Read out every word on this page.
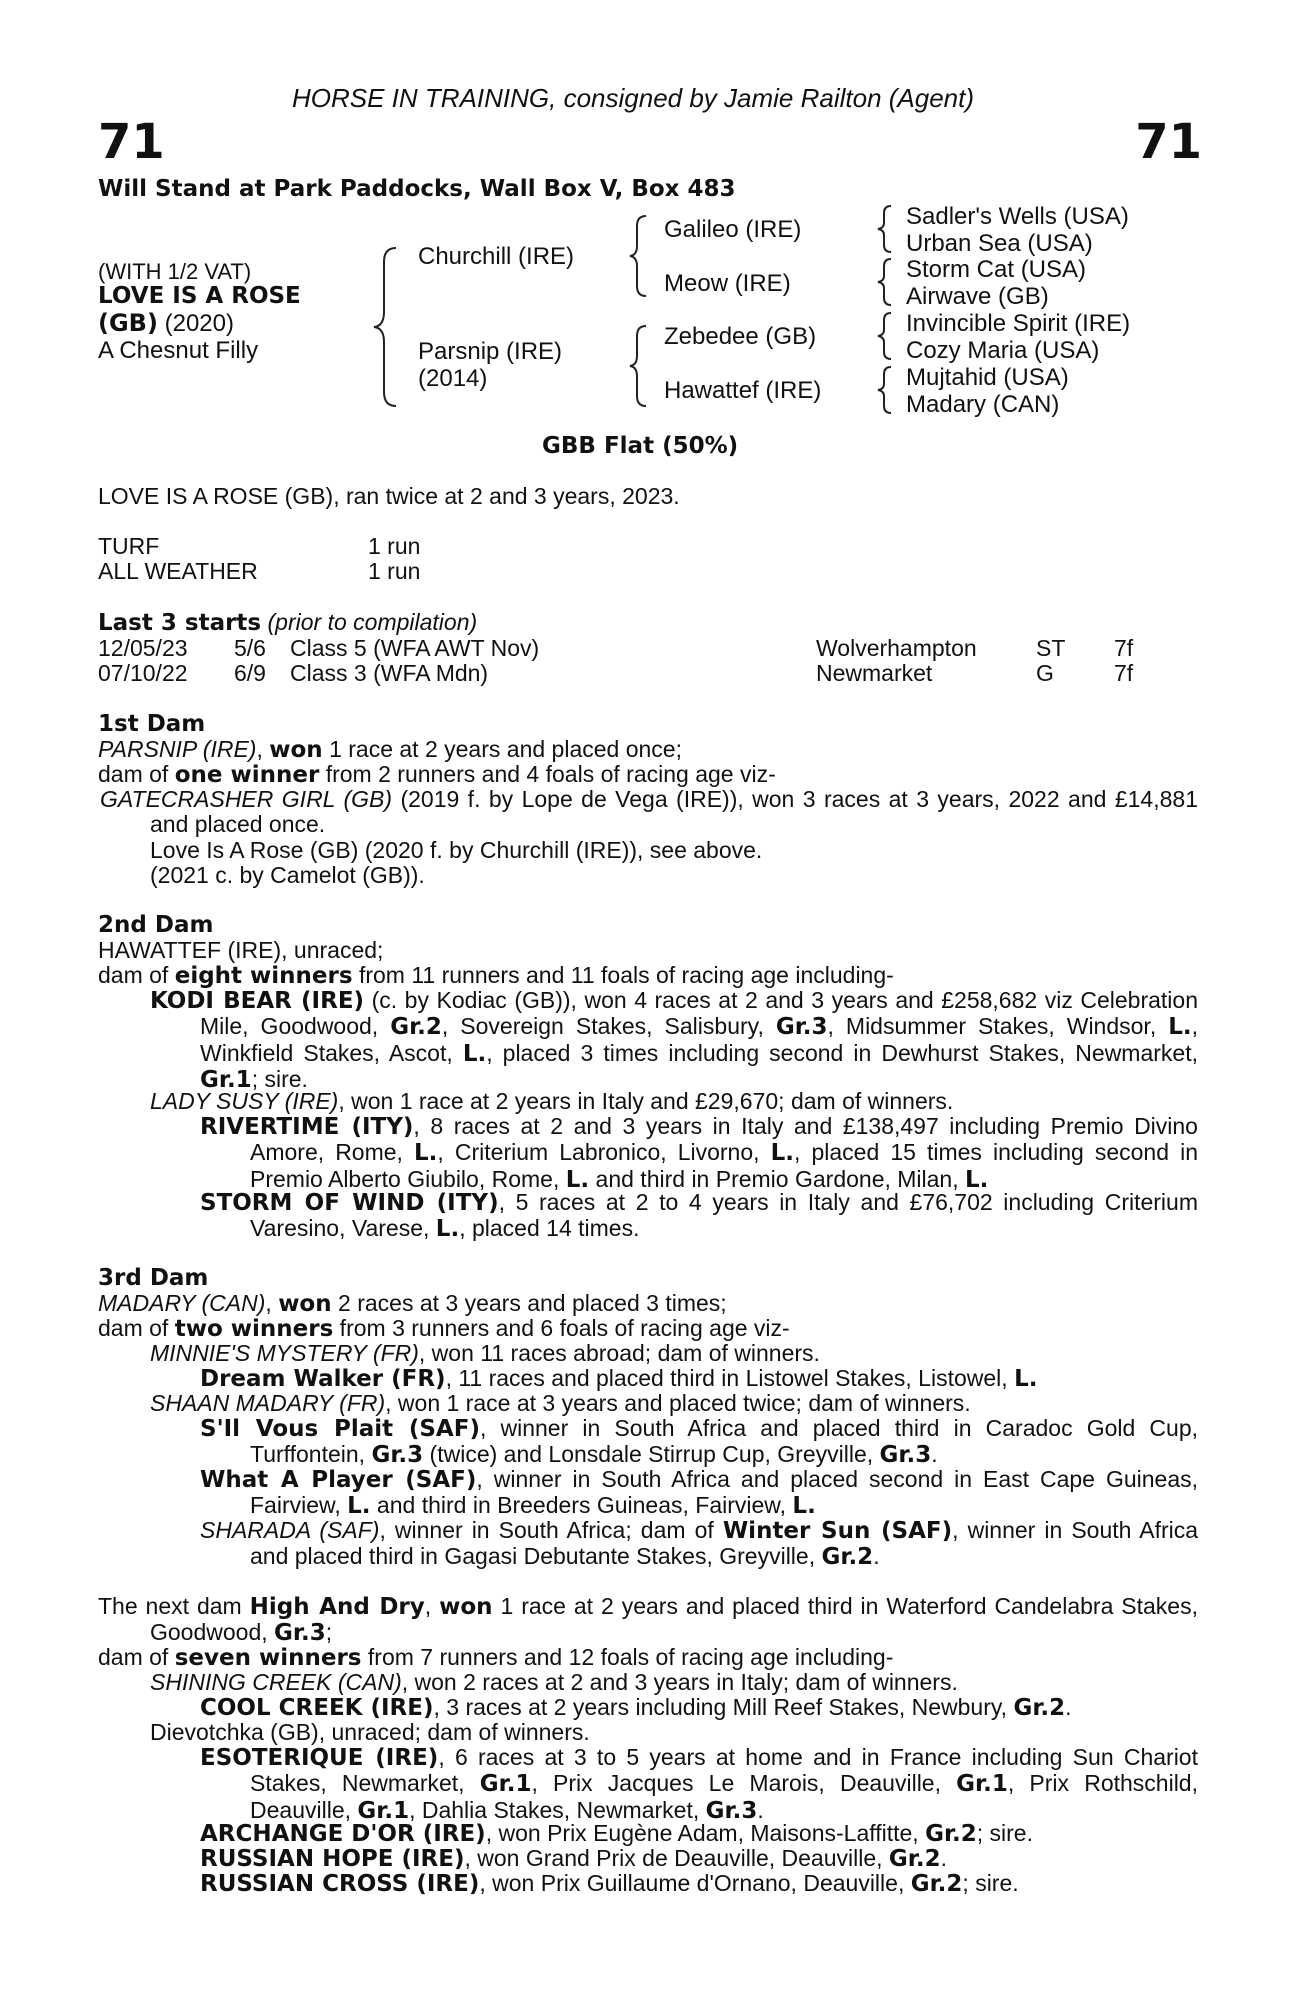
HORSE IN TRAINING, consigned by Jamie Railton (Agent)
71	71
Will Stand at Park Paddocks, Wall Box V, Box 483
(WITH 1/2 VAT)
LOVE IS A ROSE
(GB) (2020)
A Chesnut Filly
Churchill (IRE)
Parsnip (IRE)
(2014)
Galileo (IRE)
Meow (IRE)
Zebedee (GB)
Hawattef (IRE)
Sadler's Wells (USA)
Urban Sea (USA)
Storm Cat (USA)
Airwave (GB)
Invincible Spirit (IRE)
Cozy Maria (USA)
Mujtahid (USA)
Madary (CAN)
GBB Flat (50%)
LOVE IS A ROSE (GB), ran twice at 2 and 3 years, 2023.
TURF	1 run
ALL WEATHER	1 run
Last 3 starts (prior to compilation)
12/05/23 5/6 Class 5 (WFA AWT Nov)	Wolverhampton	ST 7f
07/10/22 6/9 Class 3 (WFA Mdn)	Newmarket	G	7f
1st Dam
PARSNIP (IRE), won 1 race at 2 years and placed once;
dam of one winner from 2 runners and 4 foals of racing age viz-
GATECRASHER GIRL (GB) (2019 f. by Lope de Vega (IRE)), won 3 races at 3 years, 2022 and £14,881 and placed once.
Love Is A Rose (GB) (2020 f. by Churchill (IRE)), see above.
(2021 c. by Camelot (GB)).
2nd Dam
HAWATTEF (IRE), unraced;
dam of eight winners from 11 runners and 11 foals of racing age including-
KODI BEAR (IRE) (c. by Kodiac (GB)), won 4 races at 2 and 3 years and £258,682 viz Celebration Mile, Goodwood, Gr.2, Sovereign Stakes, Salisbury, Gr.3, Midsummer Stakes, Windsor, L., Winkfield Stakes, Ascot, L., placed 3 times including second in Dewhurst Stakes, Newmarket, Gr.1; sire.
LADY SUSY (IRE), won 1 race at 2 years in Italy and £29,670; dam of winners.
RIVERTIME (ITY), 8 races at 2 and 3 years in Italy and £138,497 including Premio Divino Amore, Rome, L., Criterium Labronico, Livorno, L., placed 15 times including second in Premio Alberto Giubilo, Rome, L. and third in Premio Gardone, Milan, L.
STORM OF WIND (ITY), 5 races at 2 to 4 years in Italy and £76,702 including Criterium Varesino, Varese, L., placed 14 times.
3rd Dam
MADARY (CAN), won 2 races at 3 years and placed 3 times;
dam of two winners from 3 runners and 6 foals of racing age viz-
MINNIE'S MYSTERY (FR), won 11 races abroad; dam of winners.
Dream Walker (FR), 11 races and placed third in Listowel Stakes, Listowel, L.
SHAAN MADARY (FR), won 1 race at 3 years and placed twice; dam of winners.
S'Il Vous Plait (SAF), winner in South Africa and placed third in Caradoc Gold Cup, Turffontein, Gr.3 (twice) and Lonsdale Stirrup Cup, Greyville, Gr.3.
What A Player (SAF), winner in South Africa and placed second in East Cape Guineas, Fairview, L. and third in Breeders Guineas, Fairview, L.
SHARADA (SAF), winner in South Africa; dam of Winter Sun (SAF), winner in South Africa and placed third in Gagasi Debutante Stakes, Greyville, Gr.2.
The next dam High And Dry, won 1 race at 2 years and placed third in Waterford Candelabra Stakes, Goodwood, Gr.3;
dam of seven winners from 7 runners and 12 foals of racing age including-
SHINING CREEK (CAN), won 2 races at 2 and 3 years in Italy; dam of winners.
COOL CREEK (IRE), 3 races at 2 years including Mill Reef Stakes, Newbury, Gr.2.
Dievotchka (GB), unraced; dam of winners.
ESOTERIQUE (IRE), 6 races at 3 to 5 years at home and in France including Sun Chariot Stakes, Newmarket, Gr.1, Prix Jacques Le Marois, Deauville, Gr.1, Prix Rothschild, Deauville, Gr.1, Dahlia Stakes, Newmarket, Gr.3.
ARCHANGE D'OR (IRE), won Prix Eugène Adam, Maisons-Laffitte, Gr.2; sire.
RUSSIAN HOPE (IRE), won Grand Prix de Deauville, Deauville, Gr.2.
RUSSIAN CROSS (IRE), won Prix Guillaume d'Ornano, Deauville, Gr.2; sire.
